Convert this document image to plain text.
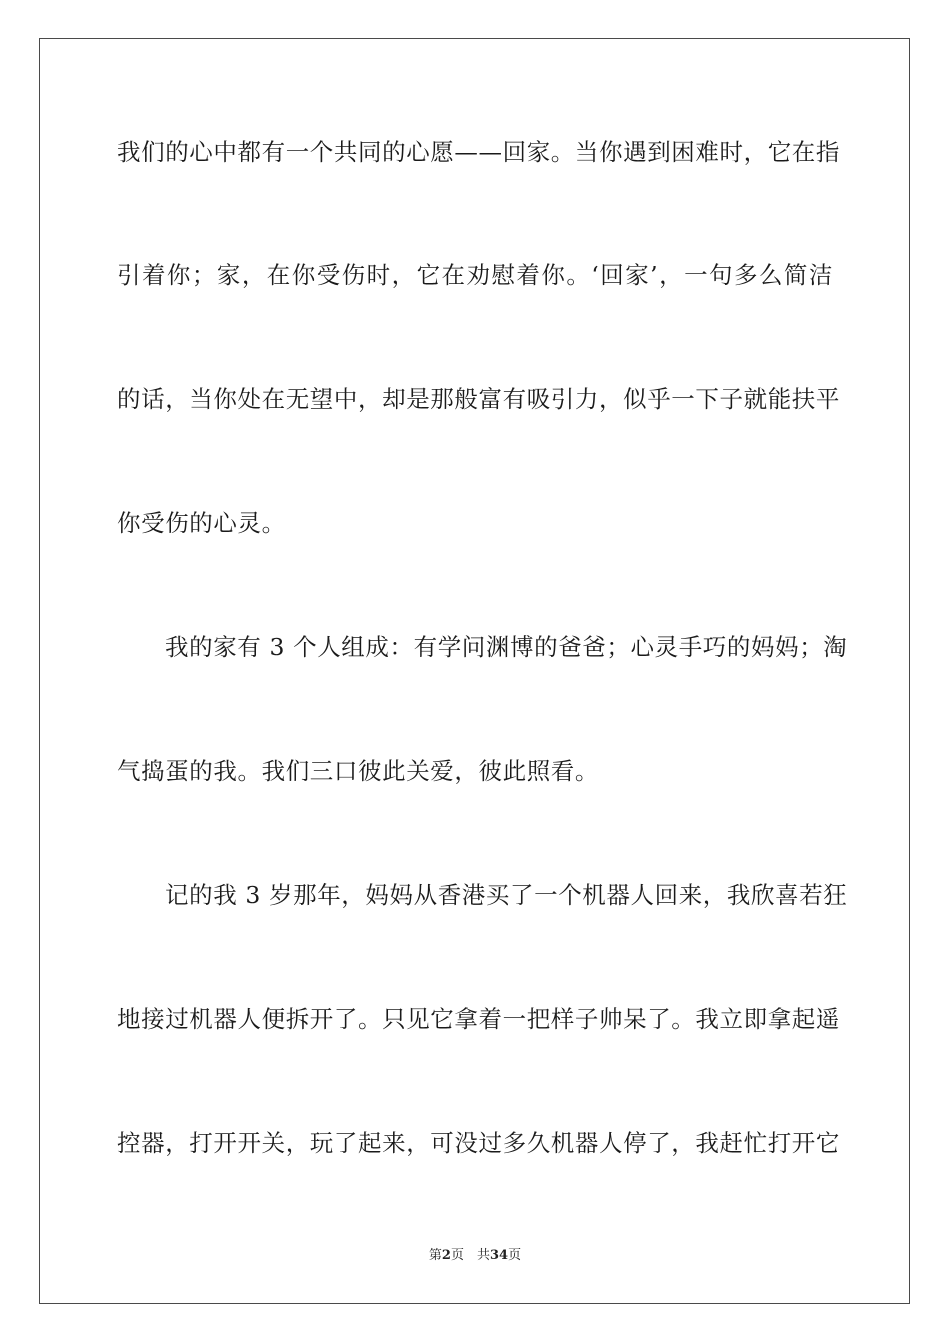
我们的心中都有一个共同的心愿——回家。当你遇到困难时，它在指
引着你；家，在你受伤时，它在劝慰着你。‘回家’，一句多么简洁
的话，当你处在无望中，却是那般富有吸引力，似乎一下子就能扶平
你受伤的心灵。
我的家有 3 个人组成：有学问渊博的爸爸；心灵手巧的妈妈；淘
气捣蛋的我。我们三口彼此关爱，彼此照看。
记的我 3 岁那年，妈妈从香港买了一个机器人回来，我欣喜若狂
地接过机器人便拆开了。只见它拿着一把样子帅呆了。我立即拿起遥
控器，打开开关，玩了起来，可没过多久机器人停了，我赶忙打开它
第2页　共34页
